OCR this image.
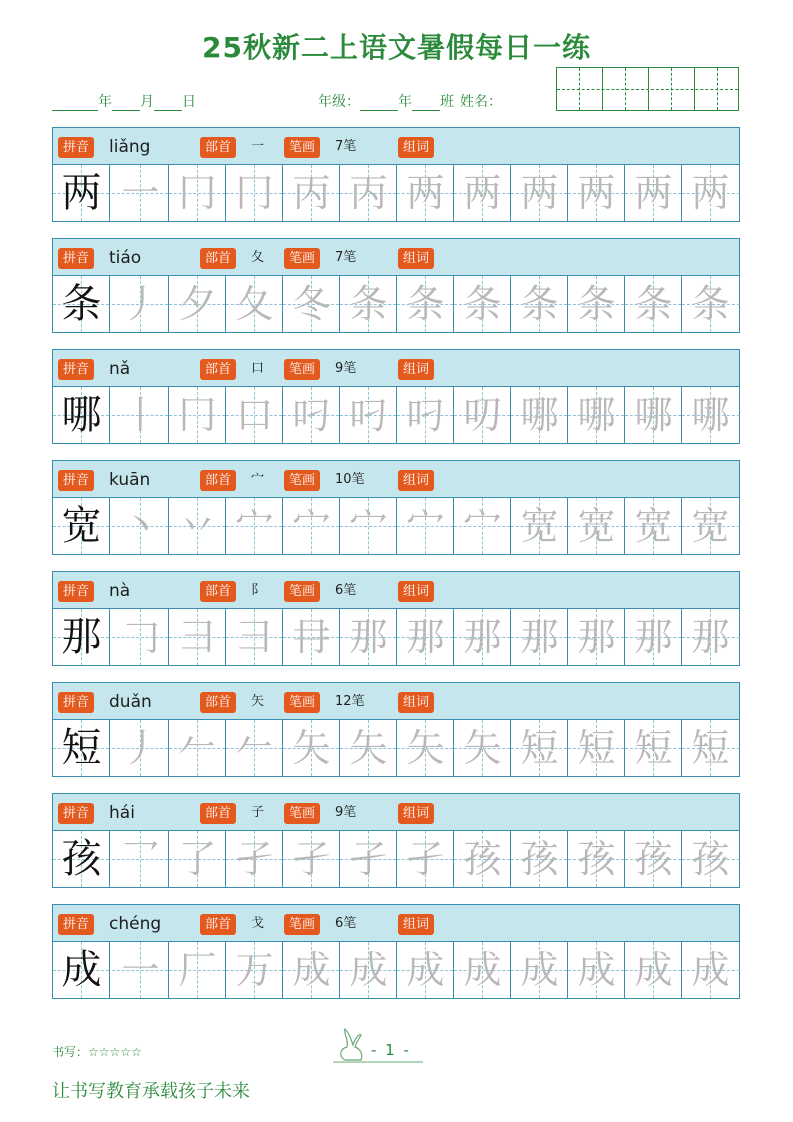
25秋新二上语文暑假每日一练
年 月 日	年级：	年 班 姓名：
拼音 liǎng	部首	一	笔画	7笔	组词
两 一 冂 冂 丙 丙 两 两 两 两 两 两
拼音 tiáo	部首	夂	笔画	7笔	组词
条 丿 夕 夂 冬 条 条 条 条 条 条 条
拼音 nǎ	部首	口	笔画	9笔	组词
哪 丨 冂 口 叼 叼 叼 叨 哪 哪 哪 哪
拼音 kuān	部首	宀	笔画	10笔	组词
宽 丶 丷 宀 宀 宀 宀 宀 宽 宽 宽 宽
拼音 nà	部首	阝	笔画	6笔	组词
那 𠃌 彐 彐 冄 那 那 那 那 那 那 那
拼音 duǎn	部首	矢	笔画	12笔	组词
短 丿 𠂉 𠂉 矢 矢 矢 矢 短 短 短 短
拼音 hái	部首	子	笔画	9笔	组词
孩 乛 了 孑 孑 孑 孑 孩 孩 孩 孩 孩
拼音 chéng	部首	戈	笔画	6笔	组词
成 一 厂 万 成 成 成 成 成 成 成 成
书写：☆☆☆☆☆	- 1 -
让书写教育承载孩子未来
